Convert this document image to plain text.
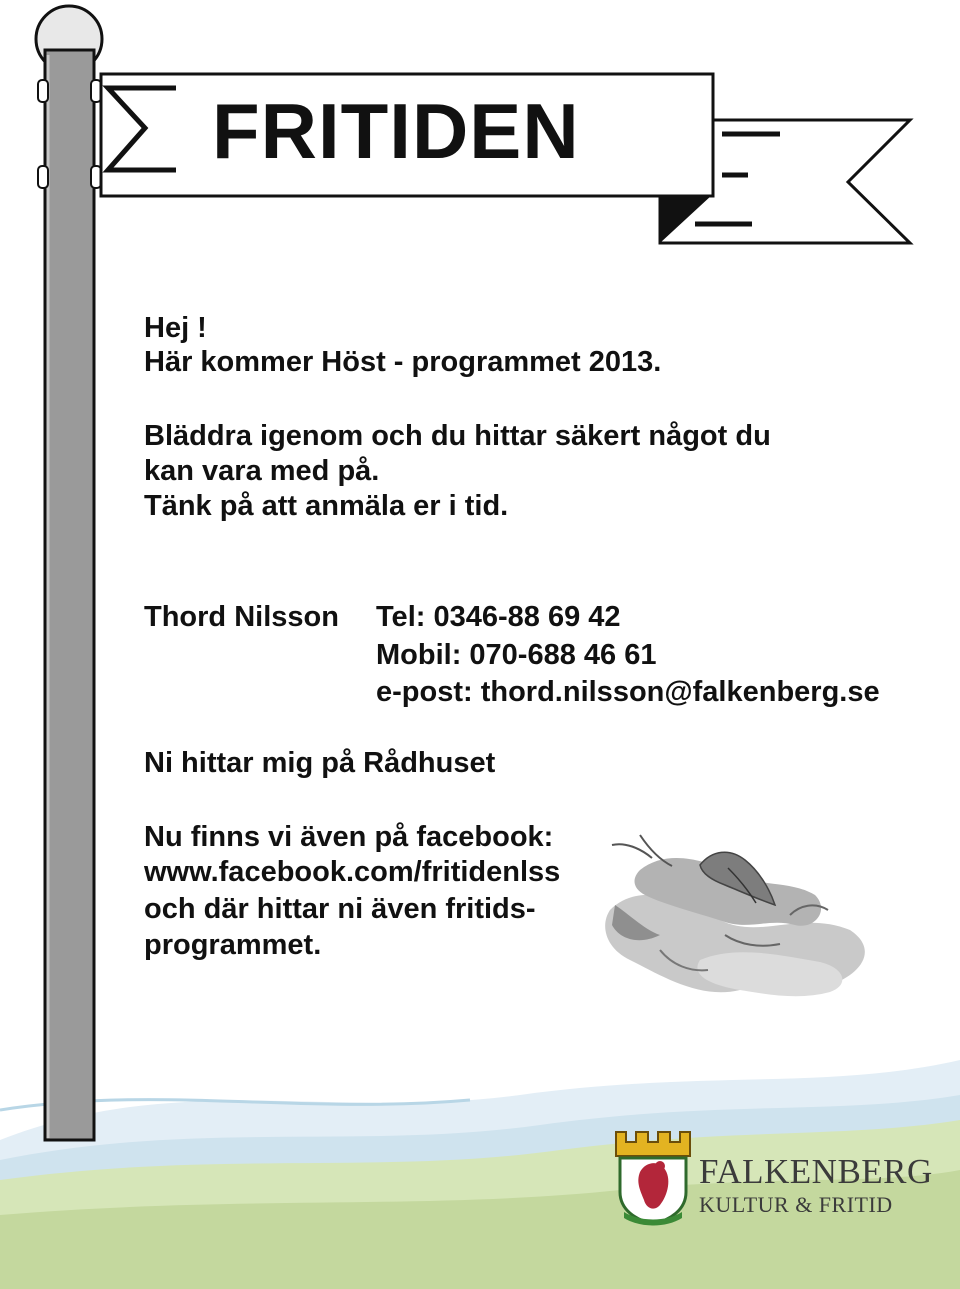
FRITIDEN
Hej !
Här kommer Höst - programmet 2013.
Bläddra igenom och du hittar säkert något du
kan vara med på.
Tänk på att anmäla er i tid.
Thord Nilsson Tel: 0346-88 69 42
Mobil: 070-688 46 61
e-post: thord.nilsson@falkenberg.se
Ni hittar mig på Rådhuset
Nu finns vi även på facebook:
www.facebook.com/fritidenlss
och där hittar ni även fritids-
programmet.
FALKENBERG
KULTUR & FRITID
